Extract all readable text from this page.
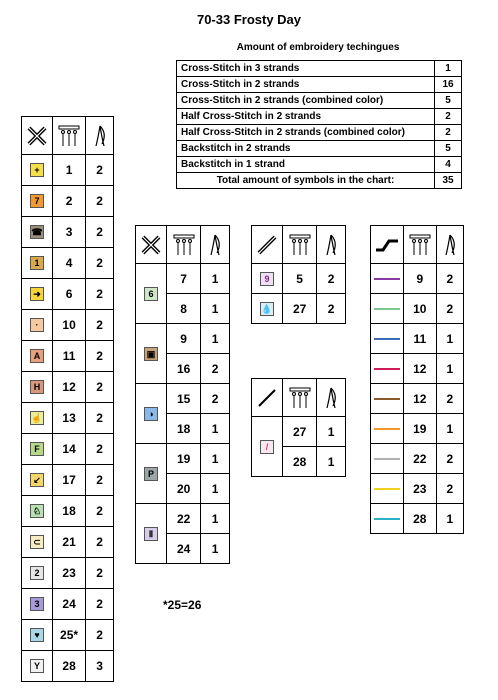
70-33 Frosty Day
Amount of embroidery techingues
Cross-Stitch in 3 strands	1
Cross-Stitch in 2 strands	16
Cross-Stitch in 2 strands (combined color)	5
Half Cross-Stitch in 2 strands	2
Half Cross-Stitch in 2 strands (combined color)	2
Backstitch in 2 strands	5
Backstitch in 1 strand	4
Total amount of symbols in the chart:	35

+	1	2
7	2	2
☎	3	2
1	4	2
➜	6	2
·	10	2
A	11	2
H	12	2
☝	13	2
F	14	2
↙	17	2
♘	18	2
⊂	21	2
2	23	2
3	24	2
♥	25*	2
Y	28	3

6	7	1
	8	1
▣	9	1
	16	2
◑	15	2
	18	1
P	19	1
	20	1
Ⅱ	22	1
	24	1

9	5	2
💧	27	2

/	27	1
	28	1

	9	2
	10	2
	11	1
	12	1
	12	2
	19	1
	22	2
	23	2
	28	1
*25=26
